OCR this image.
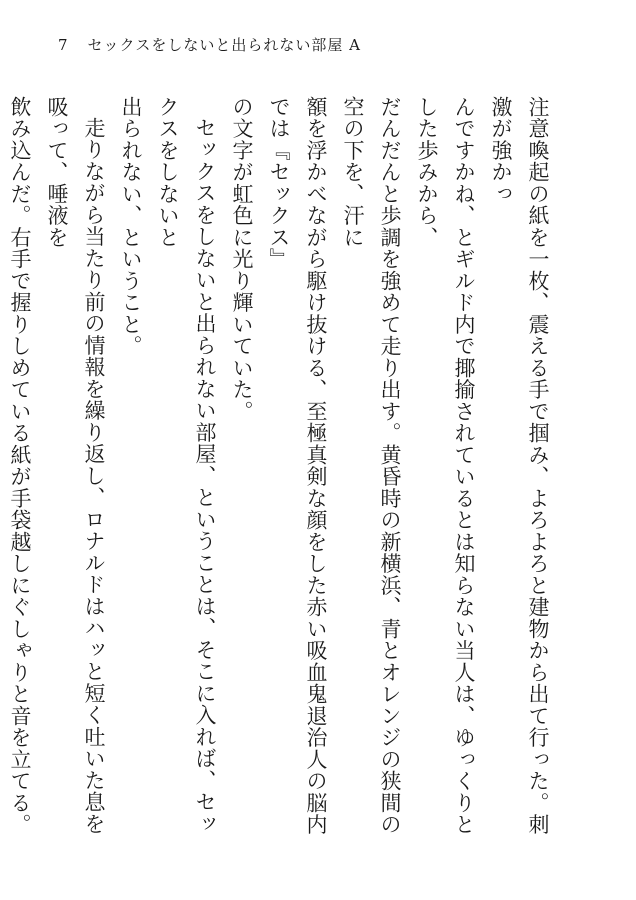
7 セックスをしないと出られない部屋 A

注意喚起の紙を一枚、震える手で掴み、よろよろと建物から出て行った。刺激が強かっ

んですかね、とギルド内で揶揄されているとは知らない当人は、ゆっくりとした歩みから、

だんだんと歩調を強めて走り出す。黄昏時の新横浜、青とオレンジの狭間の空の下を、汗に

額を浮かべながら駆け抜ける、至極真剣な顔をした赤い吸血鬼退治人の脳内では『セックス』

の文字が虹色に光り輝いていた。

セックスをしないと出られない部屋、ということは、そこに入れば、セックスをしないと

出られない、ということ。

走りながら当たり前の情報を繰り返し、ロナルドはハッと短く吐いた息を吸って、唾液を

飲み込んだ。右手で握りしめている紙が手袋越しにぐしゃりと音を立てる。
